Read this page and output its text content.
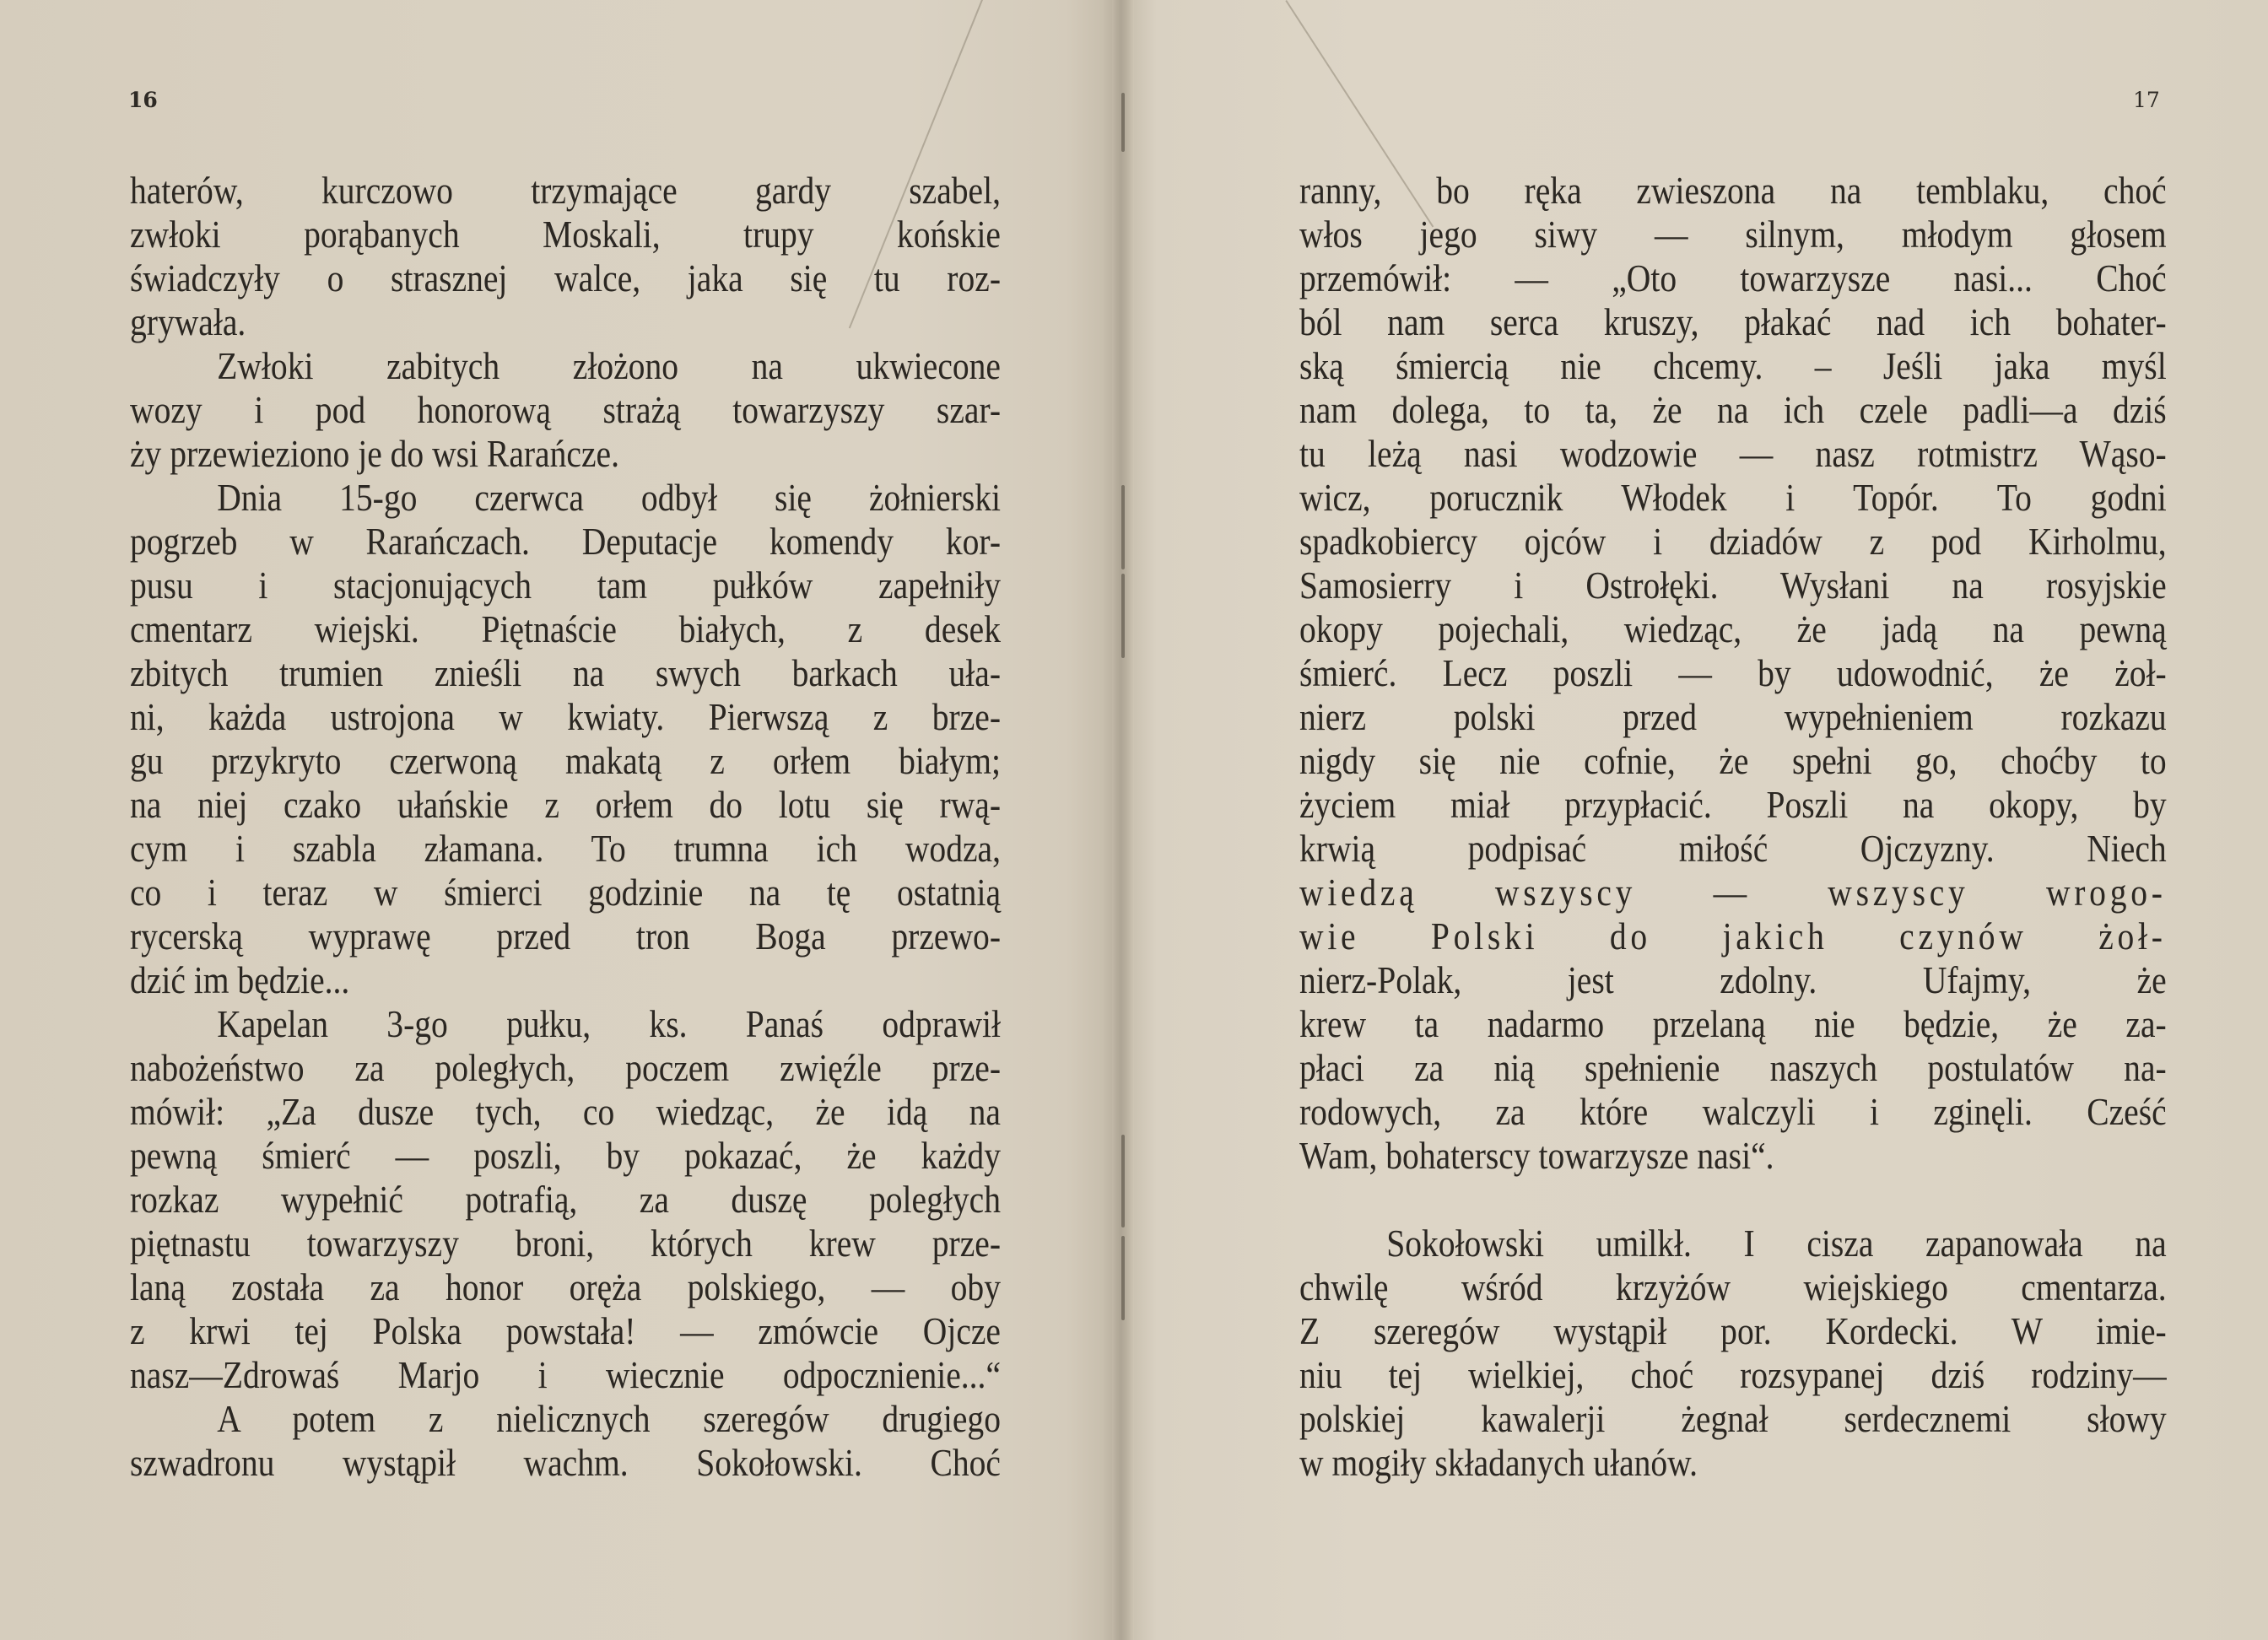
16	17
haterów, kurczowo trzymające gardy szabel,
zwłoki porąbanych Moskali, trupy końskie
świadczyły o strasznej walce, jaka się tu roz-
grywała.
Zwłoki zabitych złożono na ukwiecone
wozy i pod honorową strażą towarzyszy szar-
ży przewieziono je do wsi Rarańcze.
Dnia 15-go czerwca odbył się żołnierski
pogrzeb w Rarańczach. Deputacje komendy kor-
pusu i stacjonujących tam pułków zapełniły
cmentarz wiejski. Piętnaście białych, z desek
zbitych trumien znieśli na swych barkach uła-
ni, każda ustrojona w kwiaty. Pierwszą z brze-
gu przykryto czerwoną makatą z orłem białym;
na niej czako ułańskie z orłem do lotu się rwą-
cym i szabla złamana. To trumna ich wodza,
co i teraz w śmierci godzinie na tę ostatnią
rycerską wyprawę przed tron Boga przewo-
dzić im będzie...
Kapelan 3-go pułku, ks. Panaś odprawił
nabożeństwo za poległych, poczem zwięźle prze-
mówił: „Za dusze tych, co wiedząc, że idą na
pewną śmierć — poszli, by pokazać, że każdy
rozkaz wypełnić potrafią, za duszę poległych
piętnastu towarzyszy broni, których krew prze-
laną została za honor oręża polskiego, — oby
z krwi tej Polska powstała! — zmówcie Ojcze
nasz—Zdrowaś Marjo i wiecznie odpocznienie...“
A potem z nielicznych szeregów drugiego
szwadronu wystąpił wachm. Sokołowski. Choć
ranny, bo ręka zwieszona na temblaku, choć
włos jego siwy — silnym, młodym głosem
przemówił: — „Oto towarzysze nasi... Choć
ból nam serca kruszy, płakać nad ich bohater-
ską śmiercią nie chcemy. – Jeśli jaka myśl
nam dolega, to ta, że na ich czele padli—a dziś
tu leżą nasi wodzowie — nasz rotmistrz Wąso-
wicz, porucznik Włodek i Topór. To godni
spadkobiercy ojców i dziadów z pod Kirholmu,
Samosierry i Ostrołęki. Wysłani na rosyjskie
okopy pojechali, wiedząc, że jadą na pewną
śmierć. Lecz poszli — by udowodnić, że żoł-
nierz polski przed wypełnieniem rozkazu
nigdy się nie cofnie, że spełni go, choćby to
życiem miał przypłacić. Poszli na okopy, by
krwią podpisać miłość Ojczyzny. Niech
wiedzą wszyscy — wszyscy wrogo-
wie Polski do jakich czynów żoł-
nierz-Polak, jest zdolny. Ufajmy, że
krew ta nadarmo przelaną nie będzie, że za-
płaci za nią spełnienie naszych postulatów na-
rodowych, za które walczyli i zginęli. Cześć
Wam, bohaterscy towarzysze nasi“.
Sokołowski umilkł. I cisza zapanowała na
chwilę wśród krzyżów wiejskiego cmentarza.
Z szeregów wystąpił por. Kordecki. W imie-
niu tej wielkiej, choć rozsypanej dziś rodziny—
polskiej kawalerji żegnał serdecznemi słowy
w mogiły składanych ułanów.
